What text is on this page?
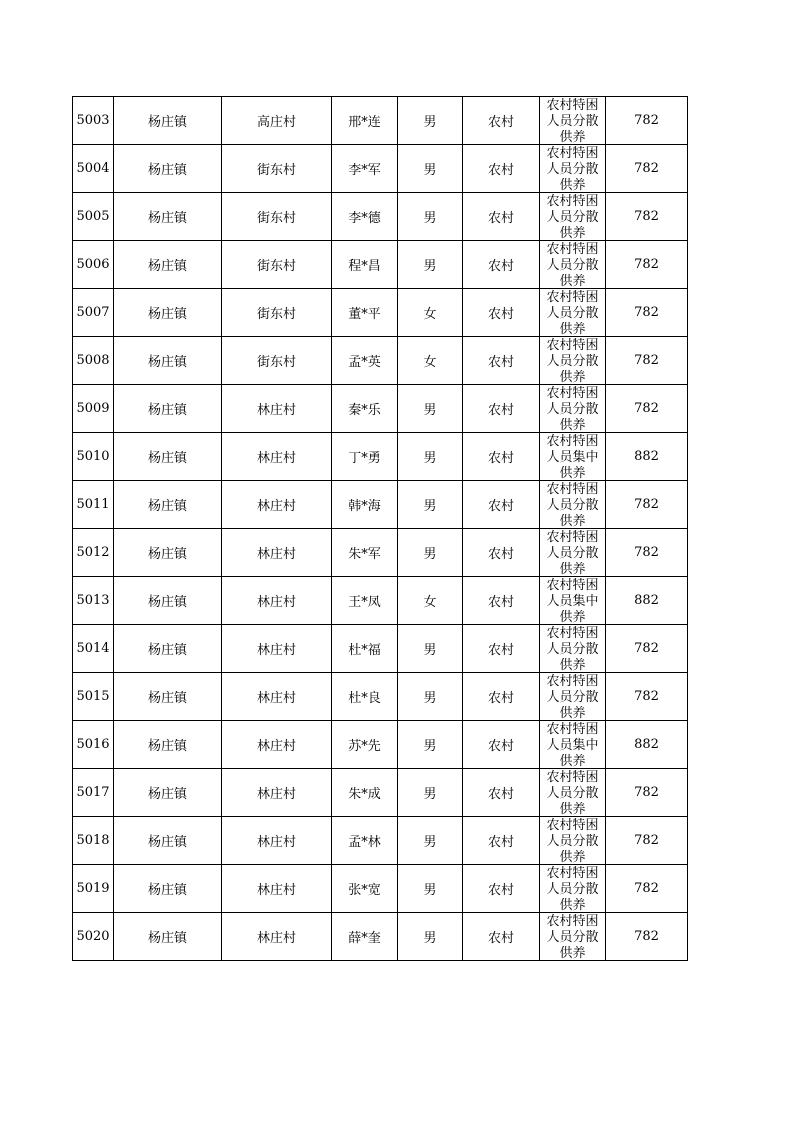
5003	杨庄镇	高庄村	邢*连	男	农村	农村特困人员分散供养	782
5004	杨庄镇	街东村	李*军	男	农村	农村特困人员分散供养	782
5005	杨庄镇	街东村	李*德	男	农村	农村特困人员分散供养	782
5006	杨庄镇	街东村	程*昌	男	农村	农村特困人员分散供养	782
5007	杨庄镇	街东村	董*平	女	农村	农村特困人员分散供养	782
5008	杨庄镇	街东村	孟*英	女	农村	农村特困人员分散供养	782
5009	杨庄镇	林庄村	秦*乐	男	农村	农村特困人员分散供养	782
5010	杨庄镇	林庄村	丁*勇	男	农村	农村特困人员集中供养	882
5011	杨庄镇	林庄村	韩*海	男	农村	农村特困人员分散供养	782
5012	杨庄镇	林庄村	朱*军	男	农村	农村特困人员分散供养	782
5013	杨庄镇	林庄村	王*凤	女	农村	农村特困人员集中供养	882
5014	杨庄镇	林庄村	杜*福	男	农村	农村特困人员分散供养	782
5015	杨庄镇	林庄村	杜*良	男	农村	农村特困人员分散供养	782
5016	杨庄镇	林庄村	苏*先	男	农村	农村特困人员集中供养	882
5017	杨庄镇	林庄村	朱*成	男	农村	农村特困人员分散供养	782
5018	杨庄镇	林庄村	孟*林	男	农村	农村特困人员分散供养	782
5019	杨庄镇	林庄村	张*宽	男	农村	农村特困人员分散供养	782
5020	杨庄镇	林庄村	薛*奎	男	农村	农村特困人员分散供养	782
